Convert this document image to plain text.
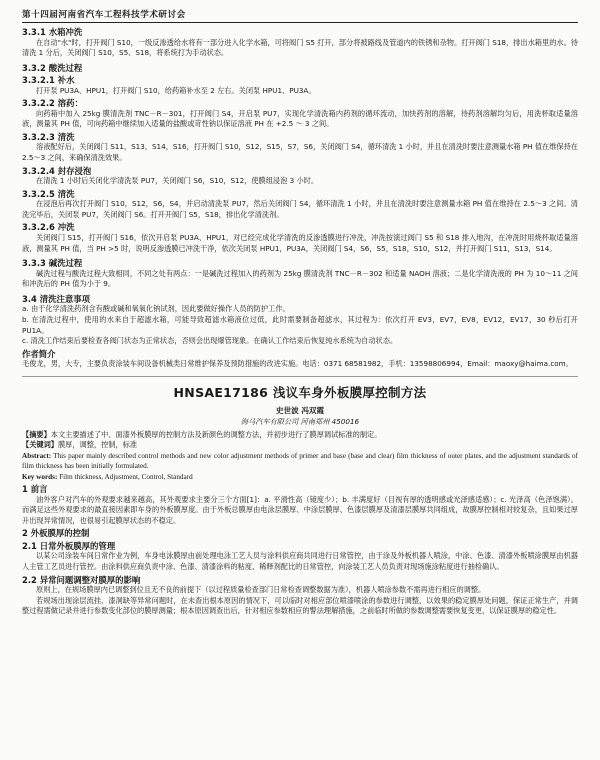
第十四届河南省汽车工程科技学术研讨会
3.3.1 水箱冲洗
在自动"水"时，打开阀门 S10，一级反渗透给水将有一部分进入化学水箱，可将阀门 S5 打开，部分将被路线及管道内的铁锈和杂物。打开阀门 S18，排出水箱里的水。待清洗 1 分后，关闭阀门 S10，S5、S18，将系统打为手动状态。
3.3.2 酸洗过程
3.3.2.1 补水
打开泵 PU3A、HPU1，打开阀门 S10，给药箱补水至 2 左右。关闭泵 HPU1、PU3A。
3.3.2.2 溶药：
向药箱中加入 25kg 膜清洗剂 TNC－R－301，打开阀门 S4，开启泵 PU7，实现化学清洗箱内药剂的循环流动，加快药剂的溶解，待药剂溶解均匀后，用洗杯取适量溶液，测量其 PH 值，可向药箱中继续加入适量的盐酸或苛性钠以保证溶液 PH 在 +2.5 ～ 3 之间。
3.3.2.3 清洗
溶液配好后，关闭阀门 S11，S13，S14，S16，打开阀门 S10，S12，S15，S7，S6，关闭阀门 S4，循环清洗 1 小时，并且在清洗时要注意测量水箱 PH 值在维保持在 2.5～3 之间，来确保清洗效果。
3.3.2.4 封存浸泡
在清洗 1 小时后关闭化学清洗泵 PU7，关闭阀门 S6，S10，S12，使膜组浸泡 3 小时。
3.3.2.5 清洗
在浸泡后再次打开阀门 S10，S12，S6，S4，并启动清洗泵 PU7，然后关闭阀门 S4，循环清洗 1 小时，并且在清洗时要注意测量水箱 PH 值在维持在 2.5～3 之间。清洗完毕后，关闭泵 PU7，关闭阀门 S6。打开开阀门 S5，S18，排出化学清洗剂。
3.3.2.6 冲洗
关闭阀门 S15，打开阀门 S16，依次开启泵 PU3A、HPU1，对已经完成化学清洗的反渗透膜进行冲洗，冲洗按演过阀门 S5 和 S18 排入地沟，在冲洗时用烧杯取适量溶液，测量其 PH 值，当 PH >5 时，说明反渗透膜已冲洗干净，依次关闭泵 HPU1，PU3A，关闭阀门 S4，S6，S5，S18，S10，S12，并打开阀门 S11，S13，S14。
3.3.3 碱洗过程
碱洗过程与酸洗过程大致相同，不同之处有两点：一是碱洗过程加入的药剂为 25kg 膜清洗剂 TNC－R－302 和适量 NAOH 溶液；二是化学清洗液的 PH 为 10～11 之间和冲洗后的 PH 值为小于 9。
3.4 清洗注意事项
a. 由于化学清洗药剂含有酸或碱和氧氧化钠试剂，因此要做好操作人员的防护工作。
b. 在清洗过程中，使用的水来自于超滤水箱，可能导致超滤水箱液位过低，此时需要制备超滤水，其过程为：依次打开 EV3，EV7，EV8，EV12，EV17，30 秒后打开 PU1A。
c. 清洗工作结束后要检查各阀门状态为正常状态，否则会出现爆管现象。在确认工作结束后恢复纯水系统为自动状态。
作者简介
毛俊龙，男，大专，主要负责涂装车间设备机械类日常维护保养及预防措施的改进实施。电话：0371 68581982，手机：13598806994，Email：maoxy@haima.com。
HNSAE17186 浅议车身外板膜厚控制方法
史世波 冯双霞
海马汽车有限公司 河南郑州 450016
【摘要】本文主要描述了中、面漆外板膜厚的控制方法及新颜色的调整方法，并初步进行了膜厚调试标准的制定。
【关键词】膜厚，调整，控制，标准
Abstract: This paper mainly described control methods and new color adjustment methods of primer and base (base and clear) film thickness of outer plates, and the adjustment standards of film thickness has been initially formulated.
Key words: Film thickness, Adjustment, Control, Standard
1 前言
油外客户对汽车的外观要求越来越高，其外观要求主要分三个方面[1]：a. 平滑性高（镜度少）；b. 丰满度好（目视有厚的透明感或光泽感适感）；c. 光泽高（色泽饱满）。而满足这些外观要求的最直接因素即车身的外板膜厚度。由于外板总膜厚由电泳层膜厚、中涂层膜厚、色漆层膜厚及清漆层膜厚共同组成，故膜厚控制相对较复杂，且如果过厚升出现异常情况，也很易引起膜厚状态的不稳定。
2 外板膜厚的控制
2.1 日常外板膜厚的管理
以某公司涂装车间日常作业为例，车身电泳膜厚由前处理电泳工艺人员与涂料供应商共同进行日常管控，由于涂及外板机器人喷涂，中涂、色漆、清漆外板喷涂膜厚由机器人主管工艺员进行管控。由涂料供应商负责中涂、色漆、清漆涂料的粘度、稀释剂配比的日常管控，向涂装工艺人员负责对现场施涂粘度进行抽检确认。
2.2 异常问题调整对膜厚的影响
原则上，在规场膜厚内已调整到位且无不良的前提下（以过程质量检查部门日常检查调整数据为准），机器人喷涂参数不需再进行相应的调整。
若规场出现涂层流挂、漆洞缺等异常问题时，在未查出根本原因的情况下，可以临时对相应部位喷漆喷涂的参数进行调整，以效果的稳定膜厚处问题，保证正常生产，并调整过程需做记录并进行参数变化部位的膜厚测量；根本原因调查出后，针对相应参数相应的警法理解措施，之前临时所做的参数调整需要恢复变更，以保证膜厚的稳定性。
